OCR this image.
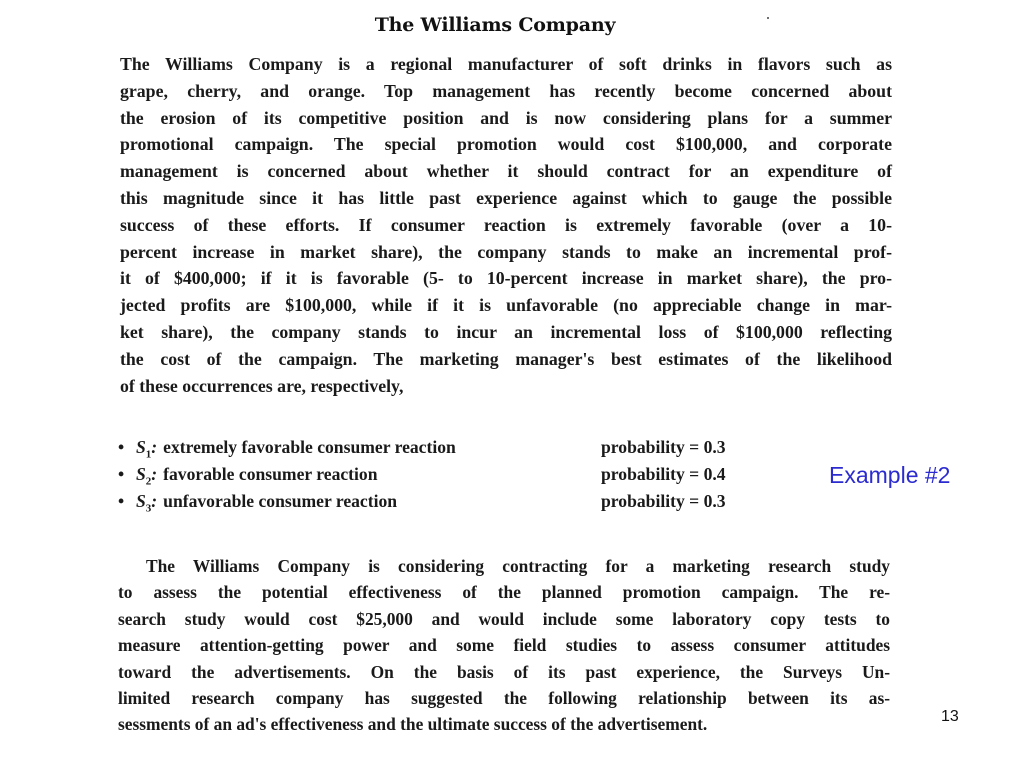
The Williams Company
The Williams Company is a regional manufacturer of soft drinks in flavors such as
grape, cherry, and orange. Top management has recently become concerned about
the erosion of its competitive position and is now considering plans for a summer
promotional campaign. The special promotion would cost $100,000, and corporate
management is concerned about whether it should contract for an expenditure of
this magnitude since it has little past experience against which to gauge the possible
success of these efforts. If consumer reaction is extremely favorable (over a 10-
percent increase in market share), the company stands to make an incremental prof-
it of $400,000; if it is favorable (5- to 10-percent increase in market share), the pro-
jected profits are $100,000, while if it is unfavorable (no appreciable change in mar-
ket share), the company stands to incur an incremental loss of $100,000 reflecting
the cost of the campaign. The marketing manager's best estimates of the likelihood
of these occurrences are, respectively,
• $S_1$: extremely favorable consumer reaction	probability = 0.3
• $S_2$: favorable consumer reaction	probability = 0.4
• $S_3$: unfavorable consumer reaction	probability = 0.3
Example #2
The Williams Company is considering contracting for a marketing research study
to assess the potential effectiveness of the planned promotion campaign. The re-
search study would cost $25,000 and would include some laboratory copy tests to
measure attention-getting power and some field studies to assess consumer attitudes
toward the advertisements. On the basis of its past experience, the Surveys Un-
limited research company has suggested the following relationship between its as-
sessments of an ad's effectiveness and the ultimate success of the advertisement.	13
